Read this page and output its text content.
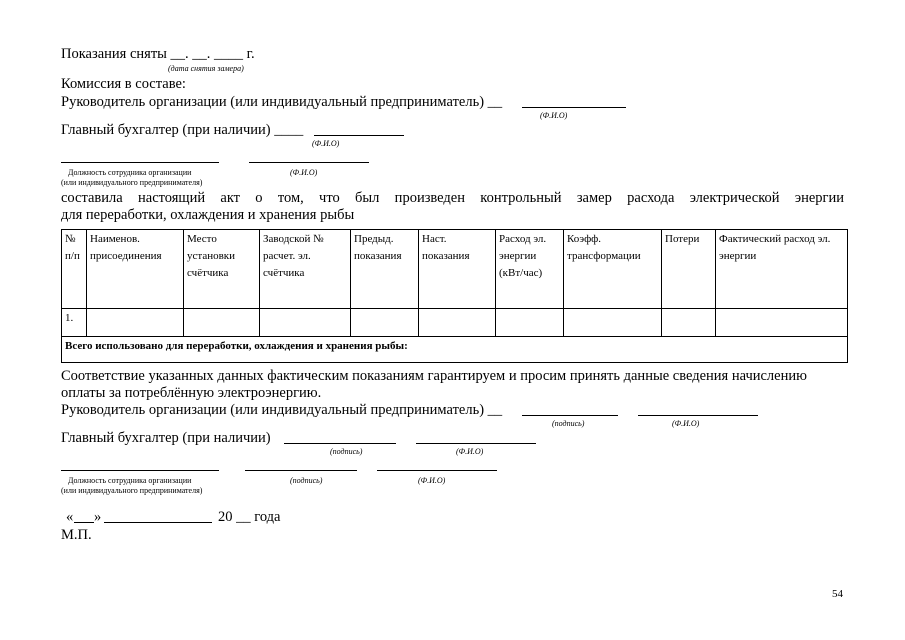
Показания сняты __. __. ____ г.
(дата снятия замера)
Комиссия в составе:
Руководитель организации (или индивидуальный предприниматель) __
(Ф.И.О)
Главный бухгалтер (при наличии) ____
(Ф.И.О)
Должность сотрудника организации	(Ф.И.О)
(или индивидуального предпринимателя)
составила настоящий акт о том, что был произведен контрольный замер расхода электрической энергии
для переработки, охлаждения и хранения рыбы
№ п/п	Наименов. присоединения	Место установки счётчика	Заводской № расчет. эл. счётчика	Предыд. показания	Наст. показания	Расход эл. энергии (кВт/час)	Коэфф. трансформации	Потери	Фактический расход эл. энергии
1.									
Всего использовано для переработки, охлаждения и хранения рыбы:									
Соответствие указанных данных фактическим показаниям гарантируем и просим принять данные сведения начислению
оплаты за потреблённую электроэнергию.
Руководитель организации (или индивидуальный предприниматель) __
(подпись)	(Ф.И.О)
Главный бухгалтер (при наличии)
(подпись)	(Ф.И.О)
Должность сотрудника организации	(подпись)	(Ф.И.О)
(или индивидуального предпринимателя)
« »	20 __ года
М.П.
54
